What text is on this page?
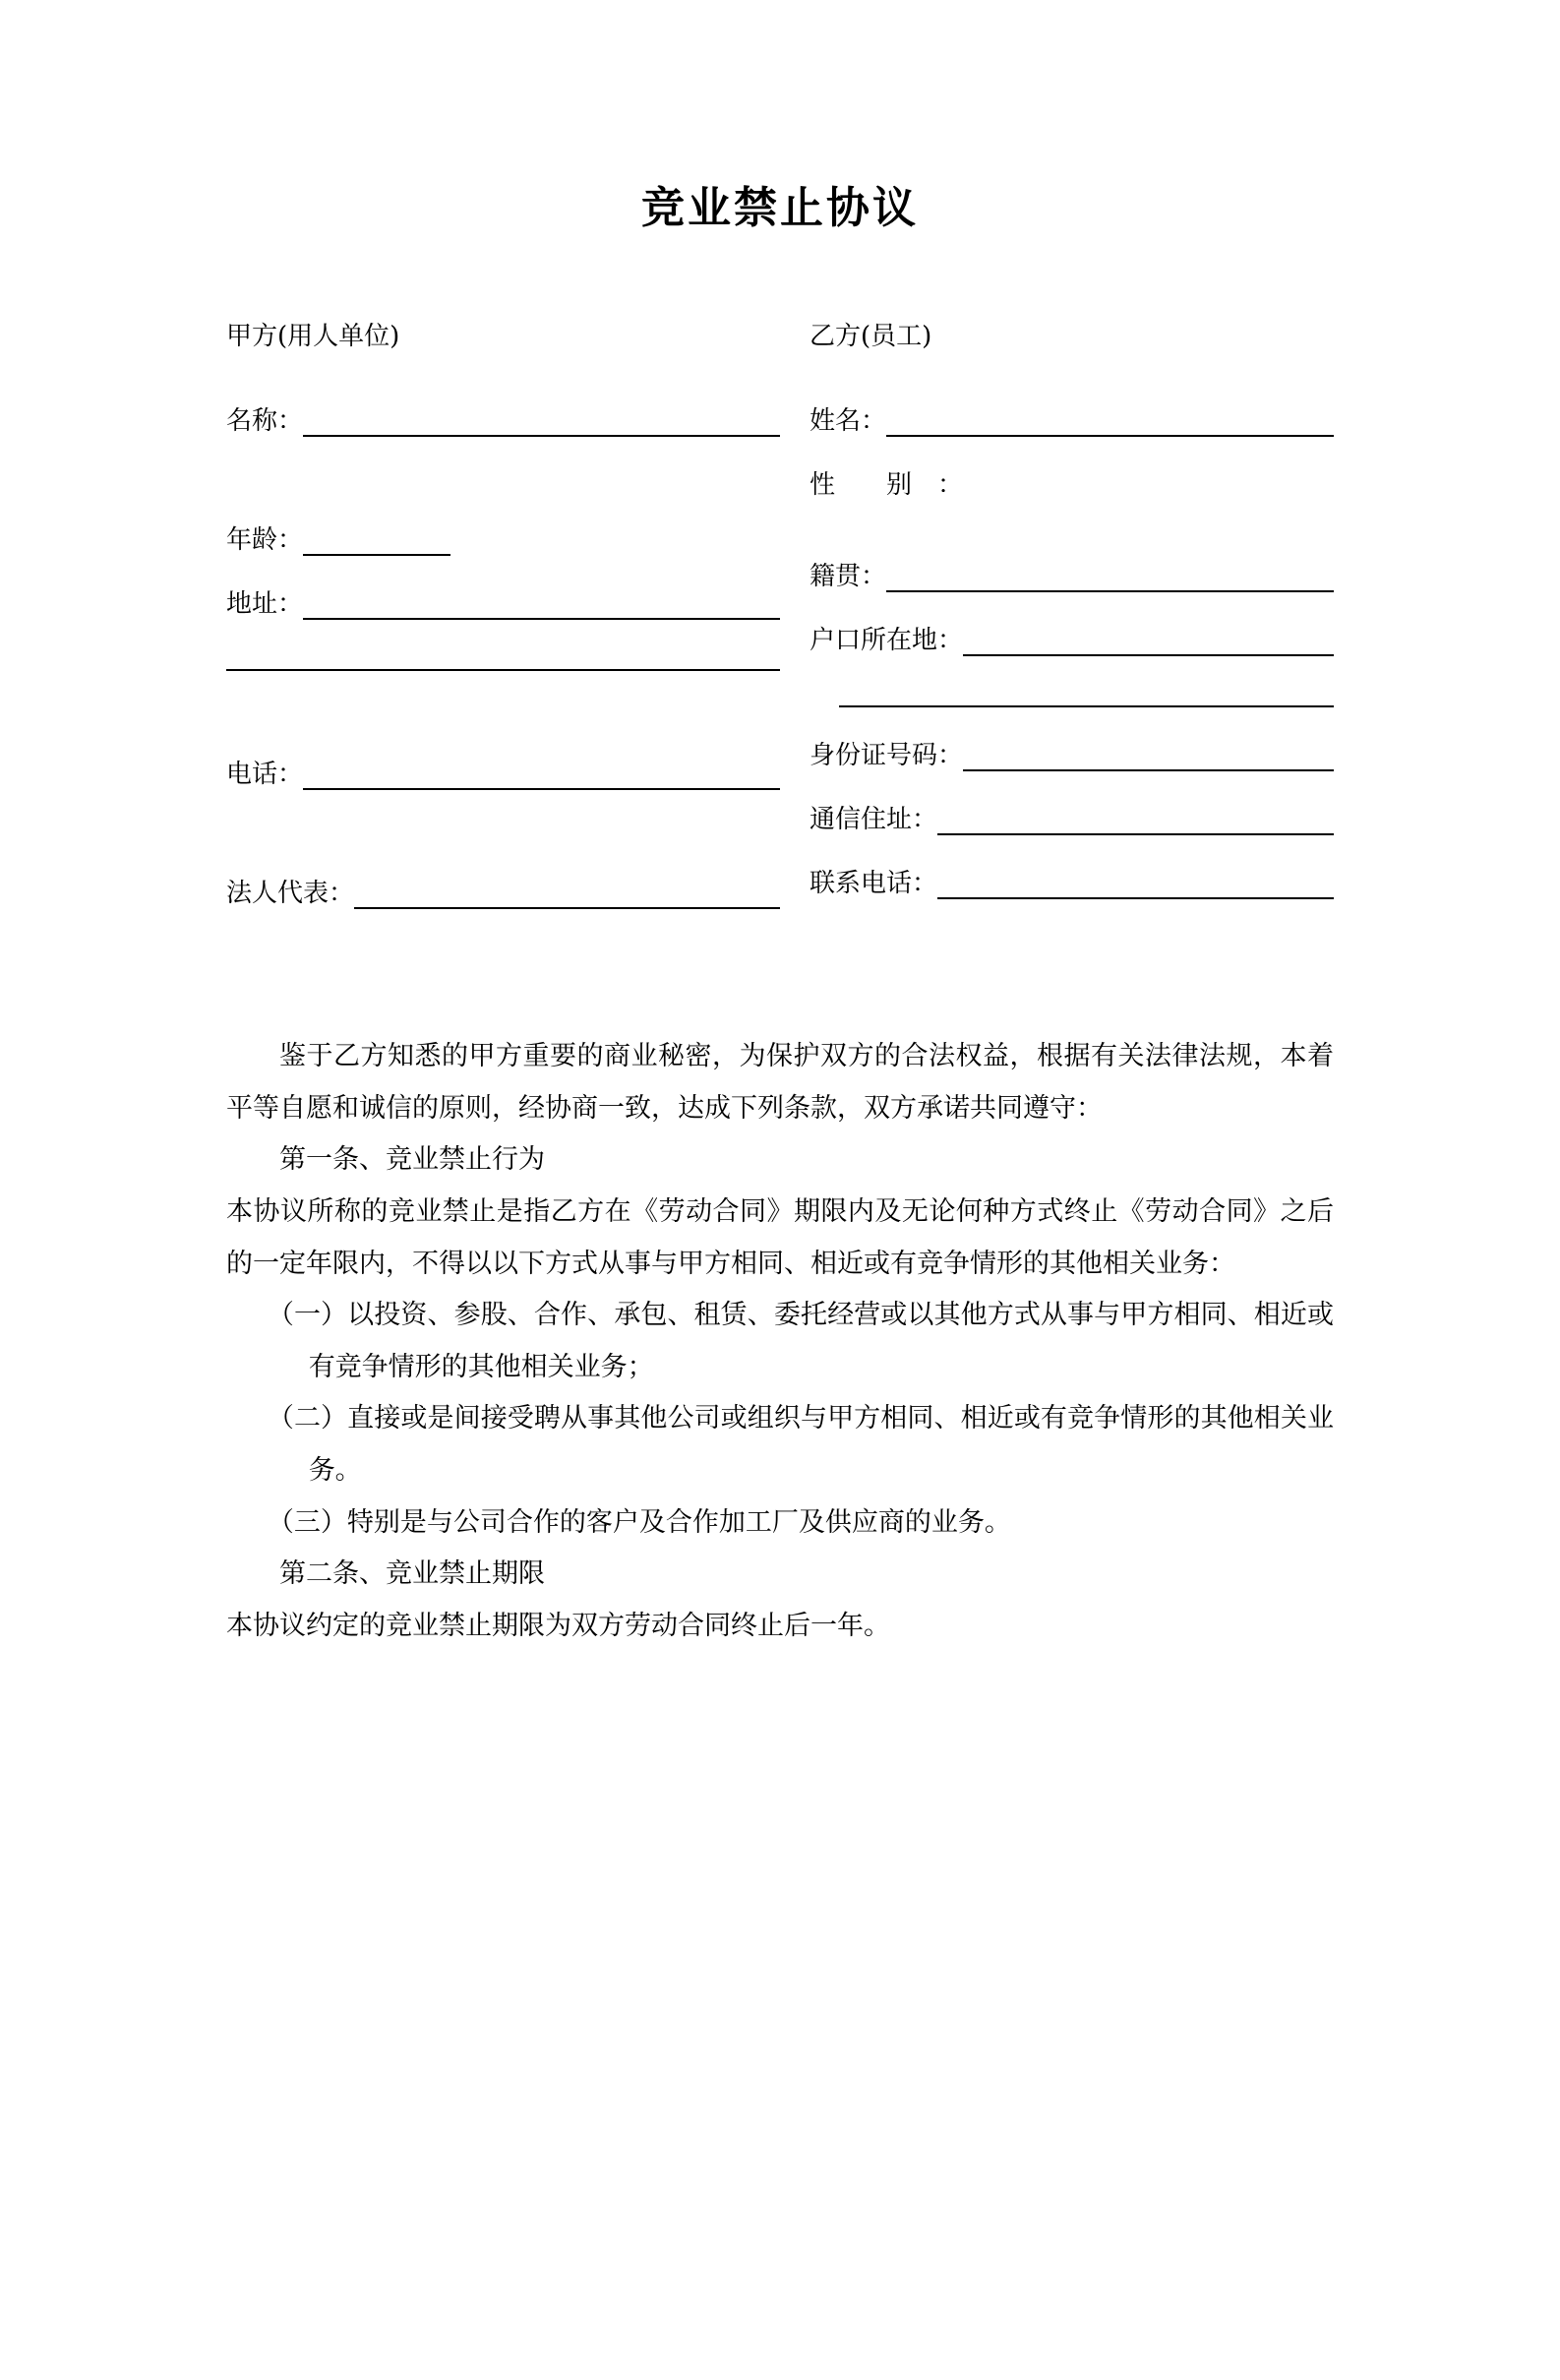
竞业禁止协议
甲方(用人单位)	乙方(员工)
名称：
年龄：
地址：
电话：
法人代表：
姓名：
性　　别　：
籍贯：
户口所在地：
身份证号码：
通信住址：
联系电话：

鉴于乙方知悉的甲方重要的商业秘密，为保护双方的合法权益，根据有关法律法规，本着平等自愿和诚信的原则，经协商一致，达成下列条款，双方承诺共同遵守：

第一条、竞业禁止行为

本协议所称的竞业禁止是指乙方在《劳动合同》期限内及无论何种方式终止《劳动合同》之后的一定年限内，不得以以下方式从事与甲方相同、相近或有竞争情形的其他相关业务：

（一）以投资、参股、合作、承包、租赁、委托经营或以其他方式从事与甲方相同、相近或有竞争情形的其他相关业务；

（二）直接或是间接受聘从事其他公司或组织与甲方相同、相近或有竞争情形的其他相关业务。

（三）特别是与公司合作的客户及合作加工厂及供应商的业务。

第二条、竞业禁止期限

本协议约定的竞业禁止期限为双方劳动合同终止后一年。
